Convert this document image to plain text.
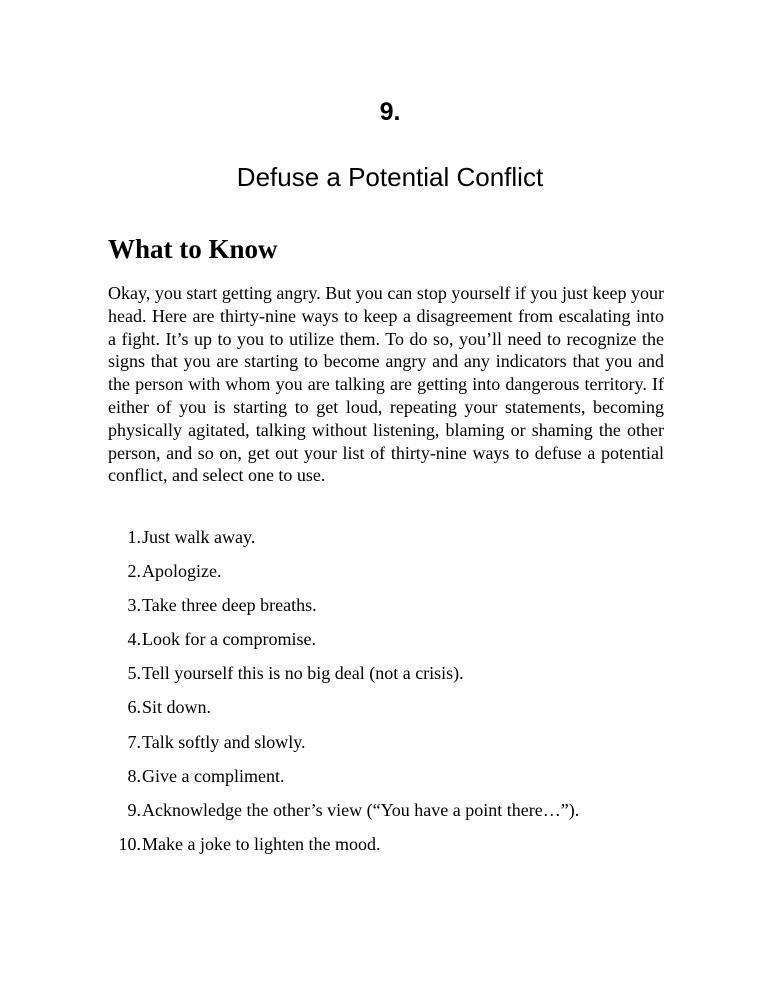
9.
Defuse a Potential Conflict
What to Know

Okay, you start getting angry. But you can stop yourself if you just keep your head. Here are thirty-nine ways to keep a disagreement from escalating into a fight. It’s up to you to utilize them. To do so, you’ll need to recognize the signs that you are starting to become angry and any indicators that you and the person with whom you are talking are getting into dangerous territory. If either of you is starting to get loud, repeating your statements, becoming physically agitated, talking without listening, blaming or shaming the other person, and so on, get out your list of thirty-nine ways to defuse a potential conflict, and select one to use.

1. Just walk away.
2. Apologize.
3. Take three deep breaths.
4. Look for a compromise.
5. Tell yourself this is no big deal (not a crisis).
6. Sit down.
7. Talk softly and slowly.
8. Give a compliment.
9. Acknowledge the other’s view (“You have a point there…”).
10. Make a joke to lighten the mood.
